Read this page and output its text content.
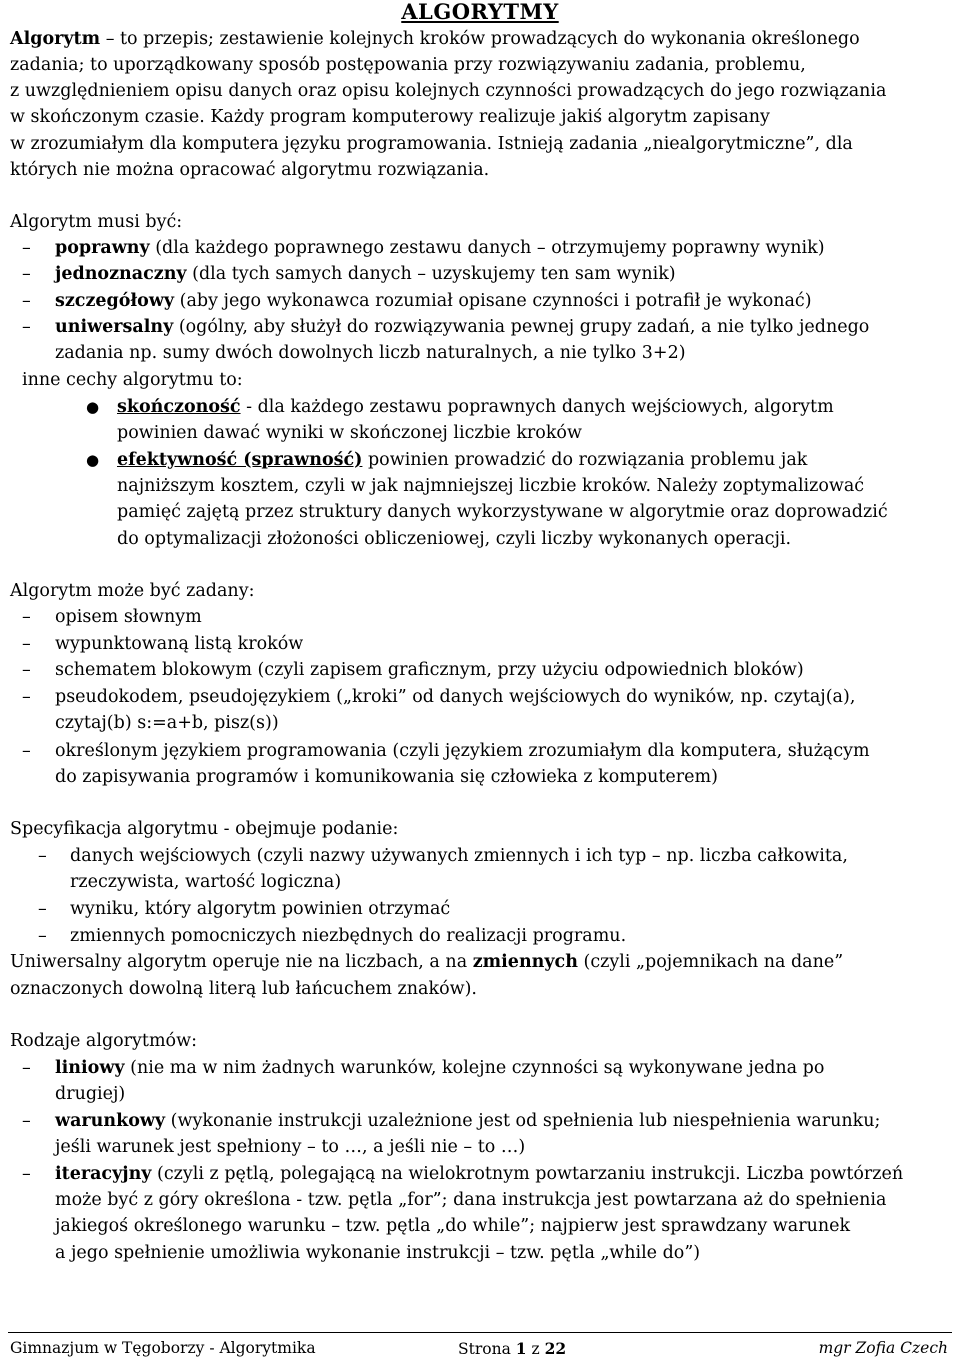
ALGORYTMY
Algorytm – to przepis; zestawienie kolejnych kroków prowadzących do wykonania określonego
zadania; to uporządkowany sposób postępowania przy rozwiązywaniu zadania, problemu,
z uwzględnieniem opisu danych oraz opisu kolejnych czynności prowadzących do jego rozwiązania
w skończonym czasie. Każdy program komputerowy realizuje jakiś algorytm zapisany
w zrozumiałym dla komputera języku programowania. Istnieją zadania „niealgorytmiczne”, dla
których nie można opracować algorytmu rozwiązania.
Algorytm musi być:
– poprawny (dla każdego poprawnego zestawu danych – otrzymujemy poprawny wynik)
– jednoznaczny (dla tych samych danych – uzyskujemy ten sam wynik)
– szczegółowy (aby jego wykonawca rozumiał opisane czynności i potrafił je wykonać)
– uniwersalny (ogólny, aby służył do rozwiązywania pewnej grupy zadań, a nie tylko jednego
zadania np. sumy dwóch dowolnych liczb naturalnych, a nie tylko 3+2)
inne cechy algorytmu to:
● skończoność - dla każdego zestawu poprawnych danych wejściowych, algorytm
powinien dawać wyniki w skończonej liczbie kroków
● efektywność (sprawność) powinien prowadzić do rozwiązania problemu jak
najniższym kosztem, czyli w jak najmniejszej liczbie kroków. Należy zoptymalizować
pamięć zajętą przez struktury danych wykorzystywane w algorytmie oraz doprowadzić
do optymalizacji złożoności obliczeniowej, czyli liczby wykonanych operacji.
Algorytm może być zadany:
– opisem słownym
– wypunktowaną listą kroków
– schematem blokowym (czyli zapisem graficznym, przy użyciu odpowiednich bloków)
– pseudokodem, pseudojęzykiem („kroki” od danych wejściowych do wyników, np. czytaj(a),
czytaj(b) s:=a+b, pisz(s))
– określonym językiem programowania (czyli językiem zrozumiałym dla komputera, służącym
do zapisywania programów i komunikowania się człowieka z komputerem)
Specyfikacja algorytmu - obejmuje podanie:
– danych wejściowych (czyli nazwy używanych zmiennych i ich typ – np. liczba całkowita,
rzeczywista, wartość logiczna)
– wyniku, który algorytm powinien otrzymać
– zmiennych pomocniczych niezbędnych do realizacji programu.
Uniwersalny algorytm operuje nie na liczbach, a na zmiennych (czyli „pojemnikach na dane”
oznaczonych dowolną literą lub łańcuchem znaków).
Rodzaje algorytmów:
– liniowy (nie ma w nim żadnych warunków, kolejne czynności są wykonywane jedna po
drugiej)
– warunkowy (wykonanie instrukcji uzależnione jest od spełnienia lub niespełnienia warunku;
jeśli warunek jest spełniony – to …, a jeśli nie – to …)
– iteracyjny (czyli z pętlą, polegającą na wielokrotnym powtarzaniu instrukcji. Liczba powtórzeń
może być z góry określona - tzw. pętla „for”; dana instrukcja jest powtarzana aż do spełnienia
jakiegoś określonego warunku – tzw. pętla „do while”; najpierw jest sprawdzany warunek
a jego spełnienie umożliwia wykonanie instrukcji – tzw. pętla „while do”)
Gimnazjum w Tęgoborzy - Algorytmika	Strona 1 z 22	mgr Zofia Czech
